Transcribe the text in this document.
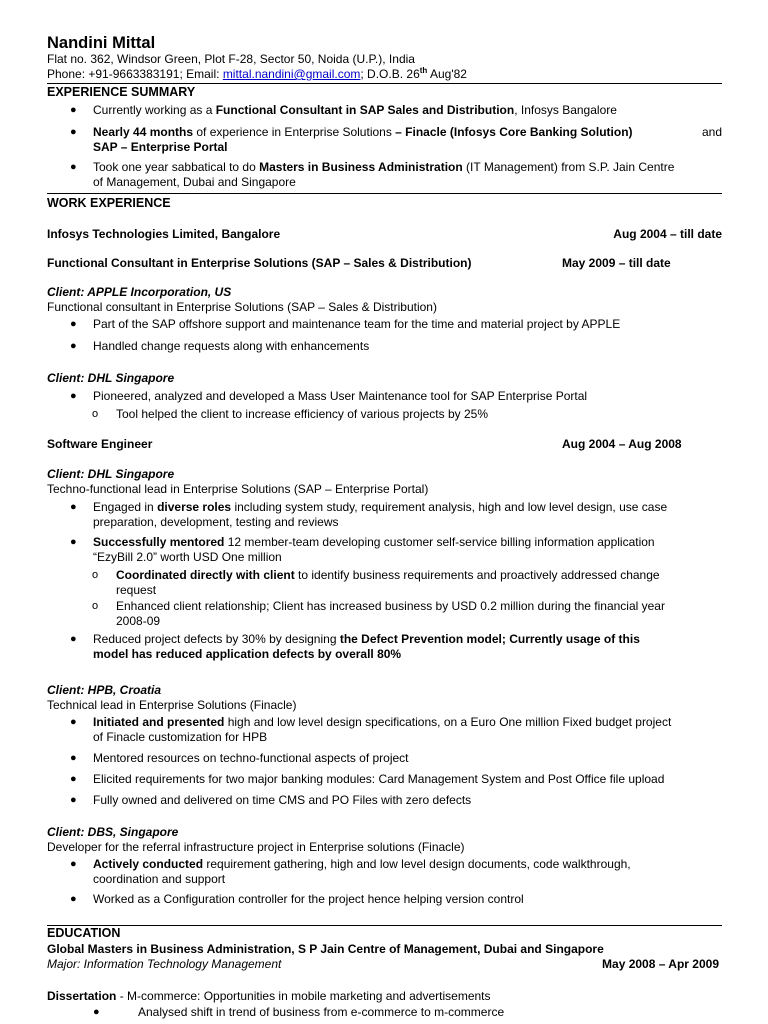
Nandini Mittal
Flat no. 362, Windsor Green, Plot F-28, Sector 50, Noida (U.P.), India
Phone: +91-9663383191; Email: mittal.nandini@gmail.com; D.O.B. 26th Aug'82
EXPERIENCE SUMMARY
● Currently working as a Functional Consultant in SAP Sales and Distribution, Infosys Bangalore
● Nearly 44 months of experience in Enterprise Solutions – Finacle (Infosys Core Banking Solution)	and
SAP – Enterprise Portal
● Took one year sabbatical to do Masters in Business Administration (IT Management) from S.P. Jain Centre
of Management, Dubai and Singapore
WORK EXPERIENCE
Infosys Technologies Limited, Bangalore	Aug 2004 – till date
Functional Consultant in Enterprise Solutions (SAP – Sales & Distribution)	May 2009 – till date
Client: APPLE Incorporation, US
Functional consultant in Enterprise Solutions (SAP – Sales & Distribution)
● Part of the SAP offshore support and maintenance team for the time and material project by APPLE
● Handled change requests along with enhancements
Client: DHL Singapore
● Pioneered, analyzed and developed a Mass User Maintenance tool for SAP Enterprise Portal
o Tool helped the client to increase efficiency of various projects by 25%
Software Engineer	Aug 2004 – Aug 2008
Client: DHL Singapore
Techno-functional lead in Enterprise Solutions (SAP – Enterprise Portal)
● Engaged in diverse roles including system study, requirement analysis, high and low level design, use case
preparation, development, testing and reviews
● Successfully mentored 12 member-team developing customer self-service billing information application
“EzyBill 2.0” worth USD One million
o Coordinated directly with client to identify business requirements and proactively addressed change
request
o Enhanced client relationship; Client has increased business by USD 0.2 million during the financial year
2008-09
● Reduced project defects by 30% by designing the Defect Prevention model; Currently usage of this
model has reduced application defects by overall 80%
Client: HPB, Croatia
Technical lead in Enterprise Solutions (Finacle)
● Initiated and presented high and low level design specifications, on a Euro One million Fixed budget project
of Finacle customization for HPB
● Mentored resources on techno-functional aspects of project
● Elicited requirements for two major banking modules: Card Management System and Post Office file upload
● Fully owned and delivered on time CMS and PO Files with zero defects
Client: DBS, Singapore
Developer for the referral infrastructure project in Enterprise solutions (Finacle)
● Actively conducted requirement gathering, high and low level design documents, code walkthrough,
coordination and support
● Worked as a Configuration controller for the project hence helping version control
EDUCATION
Global Masters in Business Administration, S P Jain Centre of Management, Dubai and Singapore
Major: Information Technology Management	May 2008 – Apr 2009
Dissertation - M-commerce: Opportunities in mobile marketing and advertisements
●	Analysed shift in trend of business from e-commerce to m-commerce
